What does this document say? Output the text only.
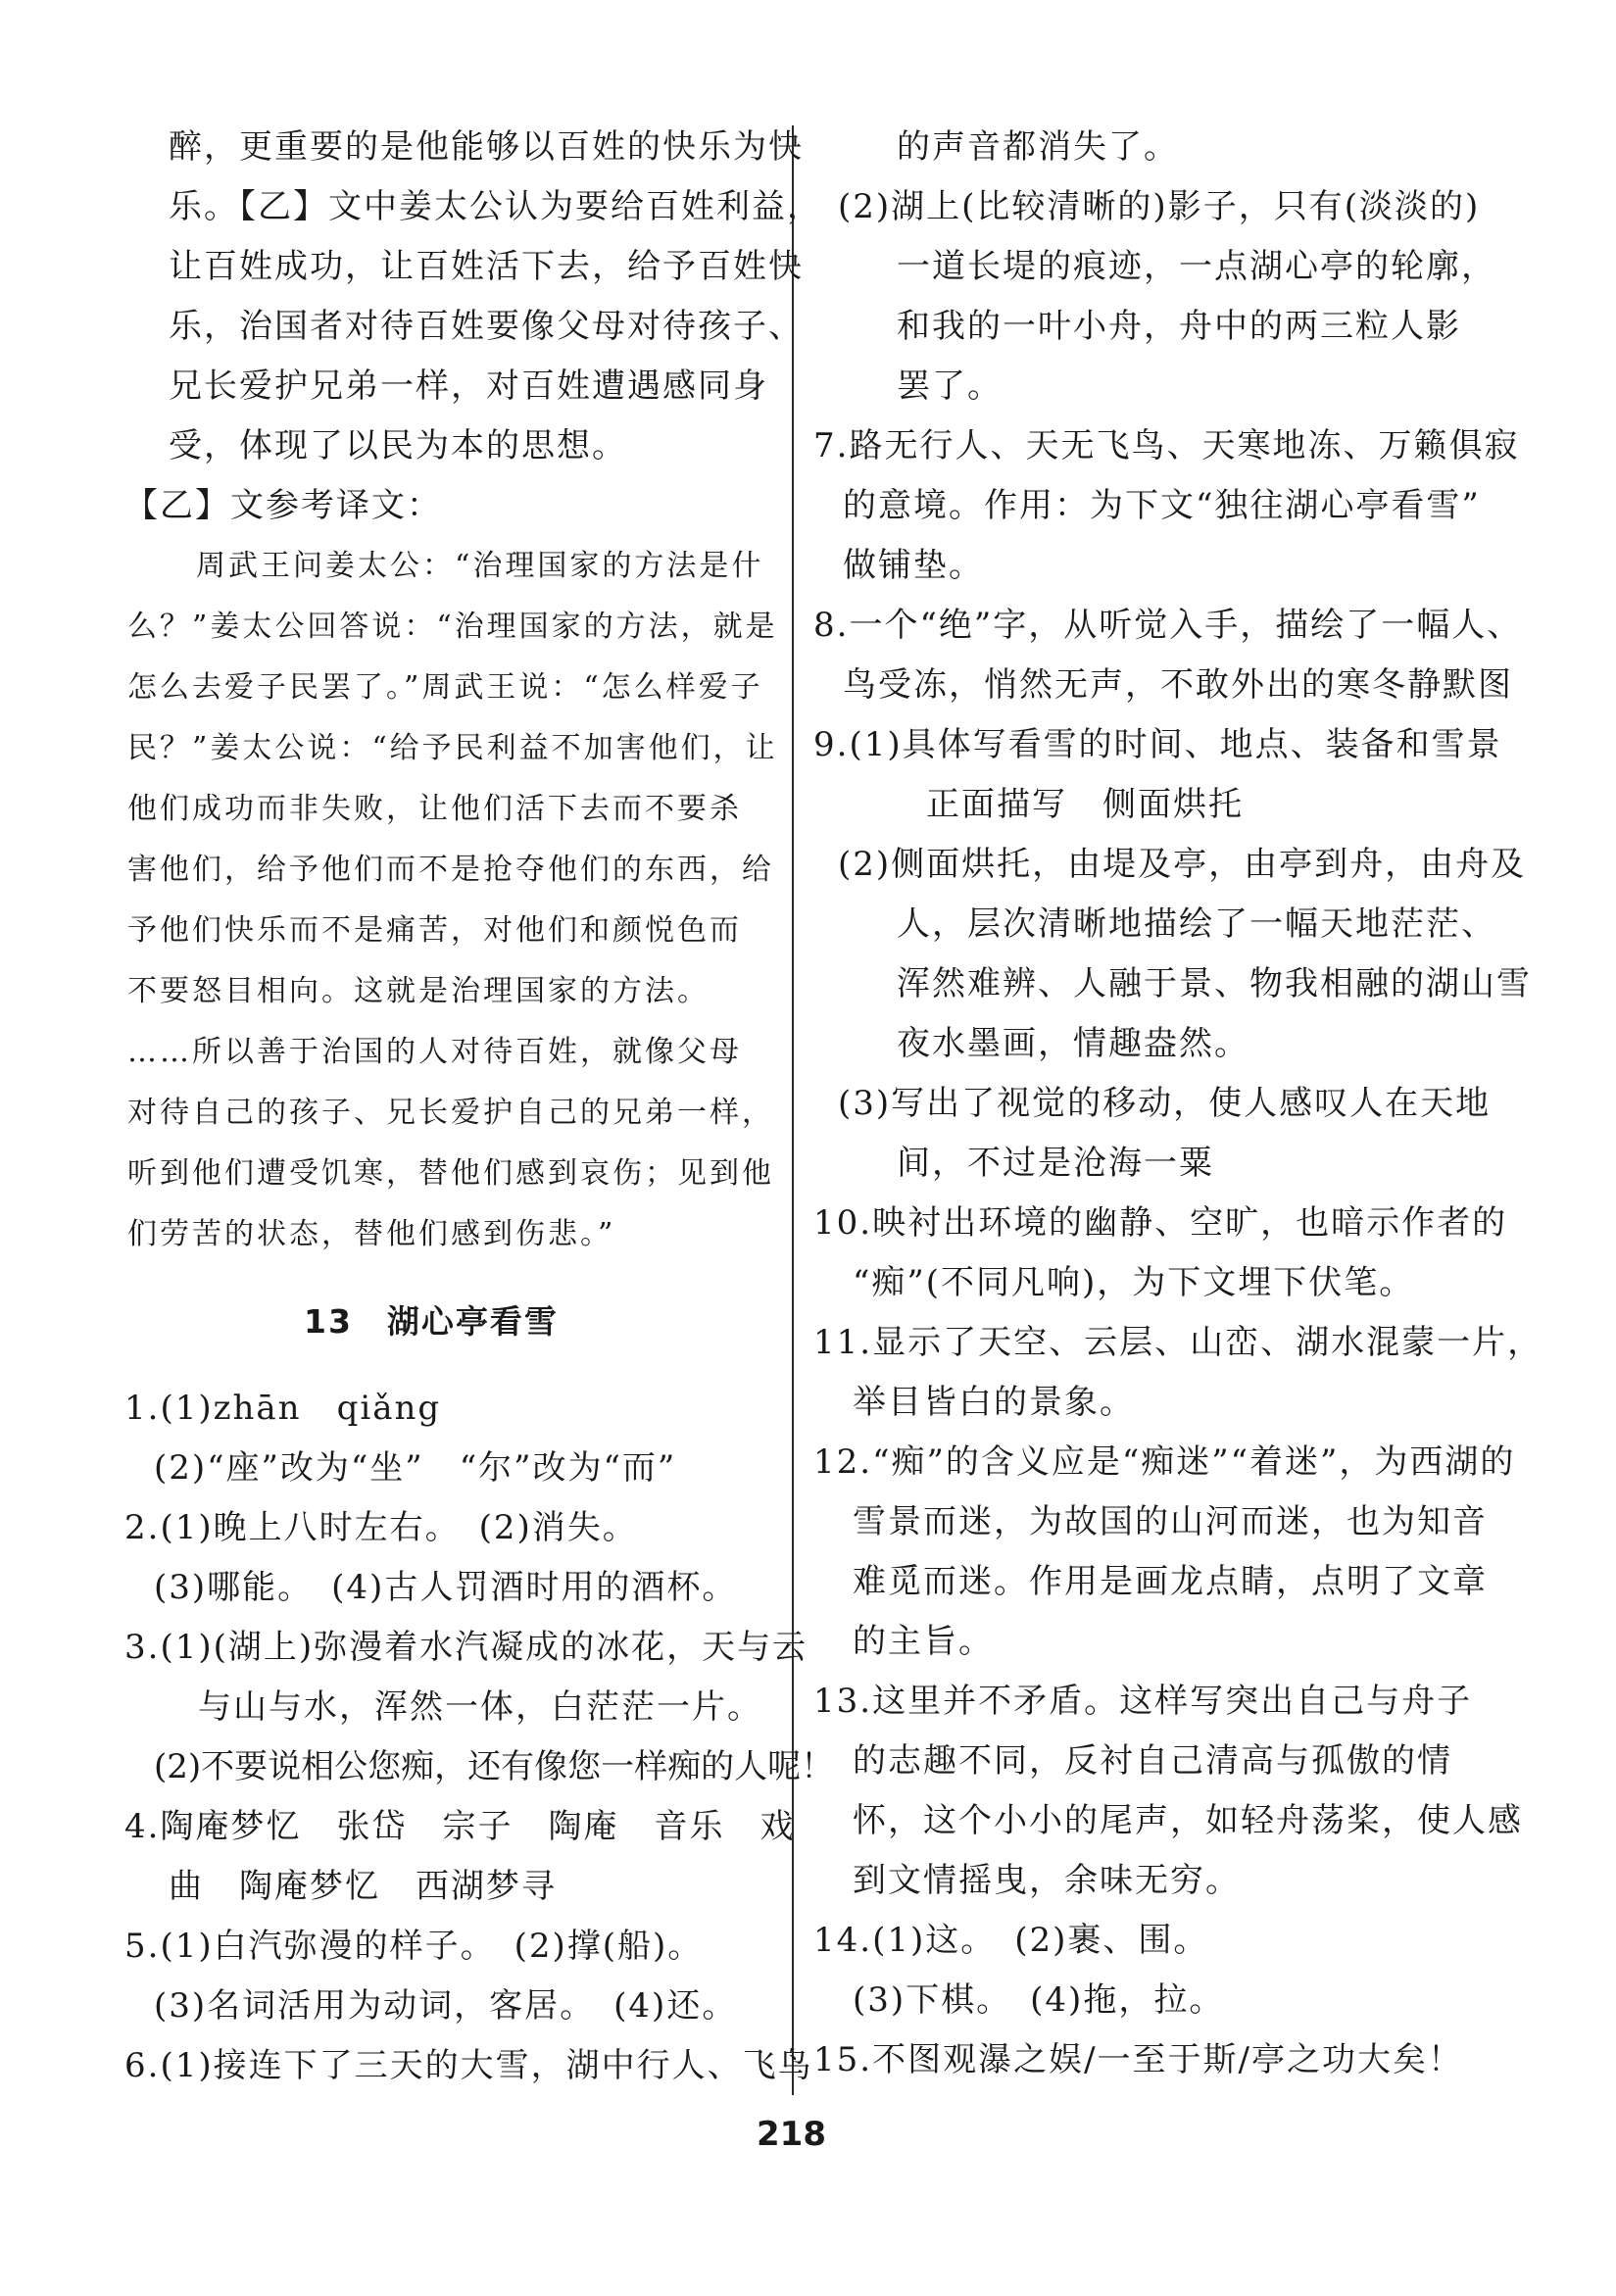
醉，更重要的是他能够以百姓的快乐为快
乐。【乙】文中姜太公认为要给百姓利益，
让百姓成功，让百姓活下去，给予百姓快
乐，治国者对待百姓要像父母对待孩子、
兄长爱护兄弟一样，对百姓遭遇感同身
受，体现了以民为本的思想。
【乙】文参考译文：
周武王问姜太公：“治理国家的方法是什
么？”姜太公回答说：“治理国家的方法，就是
怎么去爱子民罢了。”周武王说：“怎么样爱子
民？”姜太公说：“给予民利益不加害他们，让
他们成功而非失败，让他们活下去而不要杀
害他们，给予他们而不是抢夺他们的东西，给
予他们快乐而不是痛苦，对他们和颜悦色而
不要怒目相向。这就是治理国家的方法。
……所以善于治国的人对待百姓，就像父母
对待自己的孩子、兄长爱护自己的兄弟一样，
听到他们遭受饥寒，替他们感到哀伤；见到他
们劳苦的状态，替他们感到伤悲。”
13　湖心亭看雪
1.(1)zhān　qiǎng
(2)“座”改为“坐”　“尔”改为“而”
2.(1)晚上八时左右。　(2)消失。
(3)哪能。　(4)古人罚酒时用的酒杯。
3.(1)(湖上)弥漫着水汽凝成的冰花，天与云
与山与水，浑然一体，白茫茫一片。
(2)不要说相公您痴，还有像您一样痴的人呢！
4.陶庵梦忆　张岱　宗子　陶庵　音乐　戏
曲　陶庵梦忆　西湖梦寻
5.(1)白汽弥漫的样子。　(2)撑(船)。
(3)名词活用为动词，客居。　(4)还。
6.(1)接连下了三天的大雪，湖中行人、飞鸟
的声音都消失了。
(2)湖上(比较清晰的)影子，只有(淡淡的)
一道长堤的痕迹，一点湖心亭的轮廓，
和我的一叶小舟，舟中的两三粒人影
罢了。
7.路无行人、天无飞鸟、天寒地冻、万籁俱寂
的意境。作用：为下文“独往湖心亭看雪”
做铺垫。
8.一个“绝”字，从听觉入手，描绘了一幅人、
鸟受冻，悄然无声，不敢外出的寒冬静默图
9.(1)具体写看雪的时间、地点、装备和雪景
正面描写　侧面烘托
(2)侧面烘托，由堤及亭，由亭到舟，由舟及
人，层次清晰地描绘了一幅天地茫茫、
浑然难辨、人融于景、物我相融的湖山雪
夜水墨画，情趣盎然。
(3)写出了视觉的移动，使人感叹人在天地
间，不过是沧海一粟
10.映衬出环境的幽静、空旷，也暗示作者的
“痴”(不同凡响)，为下文埋下伏笔。
11.显示了天空、云层、山峦、湖水混蒙一片，
举目皆白的景象。
12.“痴”的含义应是“痴迷”“着迷”，为西湖的
雪景而迷，为故国的山河而迷，也为知音
难觅而迷。作用是画龙点睛，点明了文章
的主旨。
13.这里并不矛盾。这样写突出自己与舟子
的志趣不同，反衬自己清高与孤傲的情
怀，这个小小的尾声，如轻舟荡桨，使人感
到文情摇曳，余味无穷。
14.(1)这。　(2)裹、围。
(3)下棋。　(4)拖，拉。
15.不图观瀑之娱/一至于斯/亭之功大矣！
218
